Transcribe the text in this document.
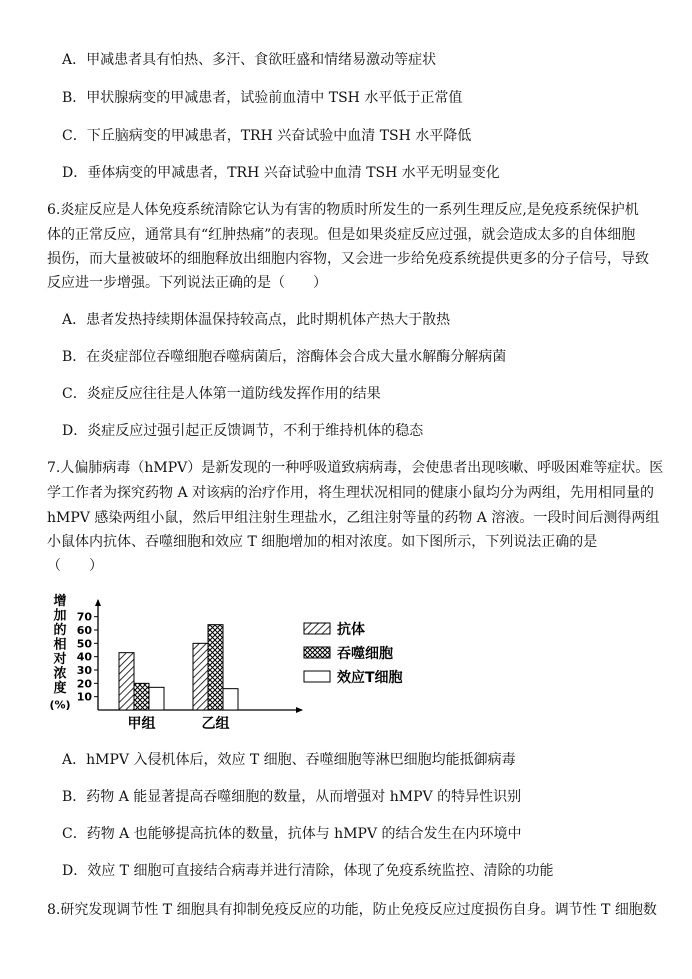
A．甲减患者具有怕热、多汗、食欲旺盛和情绪易激动等症状
B．甲状腺病变的甲减患者，试验前血清中 TSH 水平低于正常值
C．下丘脑病变的甲减患者，TRH 兴奋试验中血清 TSH 水平降低
D．垂体病变的甲减患者，TRH 兴奋试验中血清 TSH 水平无明显变化
6.炎症反应是人体免疫系统清除它认为有害的物质时所发生的一系列生理反应,是免疫系统保护机
体的正常反应，通常具有“红肿热痛”的表现。但是如果炎症反应过强，就会造成太多的自体细胞
损伤，而大量被破坏的细胞释放出细胞内容物，又会进一步给免疫系统提供更多的分子信号，导致
反应进一步增强。下列说法正确的是（　　）
A．患者发热持续期体温保持较高点，此时期机体产热大于散热
B．在炎症部位吞噬细胞吞噬病菌后，溶酶体会合成大量水解酶分解病菌
C．炎症反应往往是人体第一道防线发挥作用的结果
D．炎症反应过强引起正反馈调节，不利于维持机体的稳态
7.人偏肺病毒（hMPV）是新发现的一种呼吸道致病病毒，会使患者出现咳嗽、呼吸困难等症状。医
学工作者为探究药物 A 对该病的治疗作用，将生理状况相同的健康小鼠均分为两组，先用相同量的
hMPV 感染两组小鼠，然后甲组注射生理盐水，乙组注射等量的药物 A 溶液。一段时间后测得两组
小鼠体内抗体、吞噬细胞和效应 T 细胞增加的相对浓度。如下图所示，下列说法正确的是
（　　）
增
加
的
相
对
浓
度
(%)
10
20
30
40
50
60
70
甲组	乙组
抗体
吞噬细胞
效应T细胞
A．hMPV 入侵机体后，效应 T 细胞、吞噬细胞等淋巴细胞均能抵御病毒
B．药物 A 能显著提高吞噬细胞的数量，从而增强对 hMPV 的特异性识别
C．药物 A 也能够提高抗体的数量，抗体与 hMPV 的结合发生在内环境中
D．效应 T 细胞可直接结合病毒并进行清除，体现了免疫系统监控、清除的功能
8.研究发现调节性 T 细胞具有抑制免疫反应的功能，防止免疫反应过度损伤自身。调节性 T 细胞数
